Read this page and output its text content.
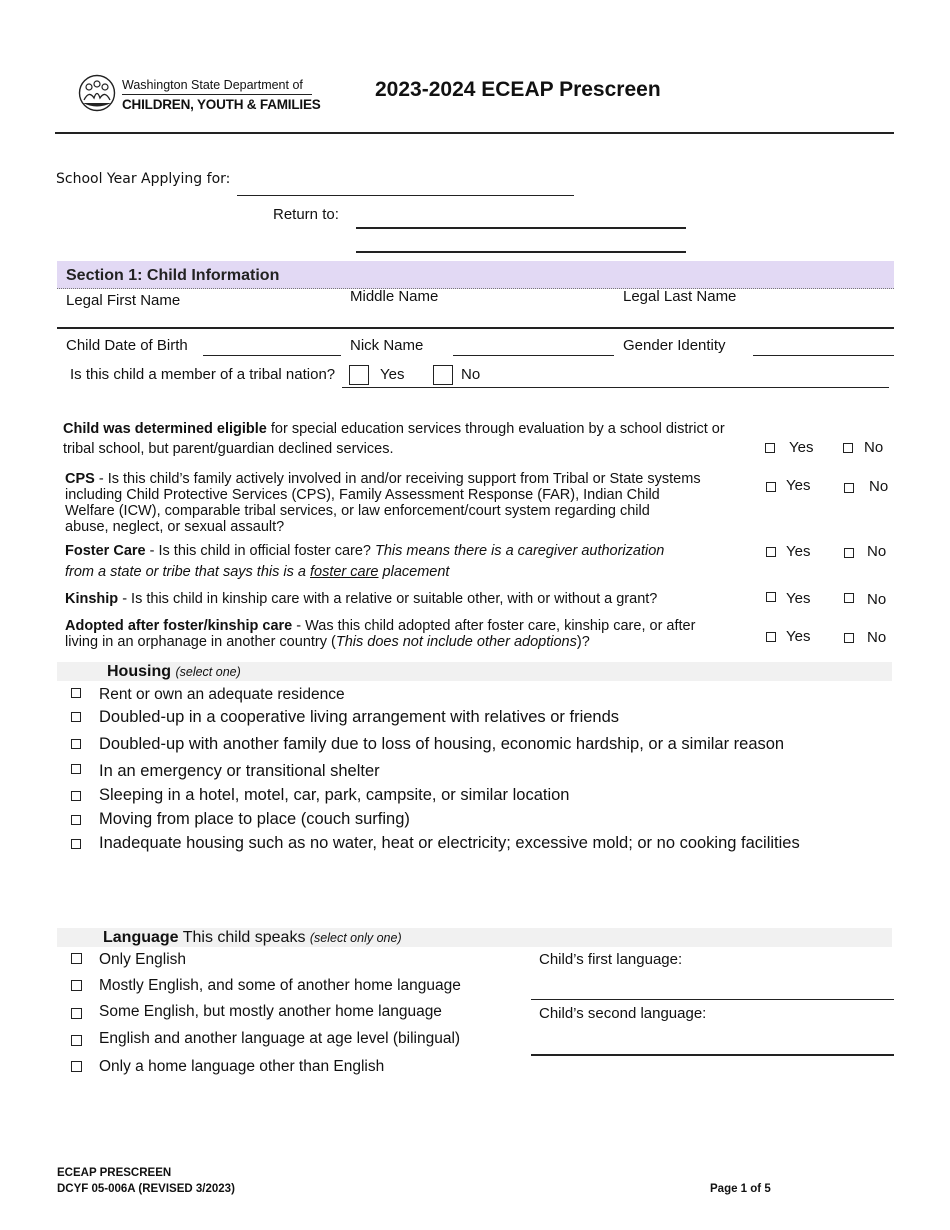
Washington State Department of
CHILDREN, YOUTH & FAMILIES
2023-2024 ECEAP Prescreen
School Year Applying for:
Return to:
Section 1: Child Information
Legal First Name	Middle Name	Legal Last Name
Child Date of Birth	Nick Name	Gender Identity
Is this child a member of a tribal nation?	Yes	No
Child was determined eligible for special education services through evaluation by a school district or
tribal school, but parent/guardian declined services.	Yes	No
CPS - Is this child’s family actively involved in and/or receiving support from Tribal or State systems
including Child Protective Services (CPS), Family Assessment Response (FAR), Indian Child
Welfare (ICW), comparable tribal services, or law enforcement/court system regarding child
abuse, neglect, or sexual assault?
Yes	No
Foster Care - Is this child in official foster care? This means there is a caregiver authorization
from a state or tribe that says this is a foster care placement
Yes	No
Kinship - Is this child in kinship care with a relative or suitable other, with or without a grant?	Yes	No
Adopted after foster/kinship care - Was this child adopted after foster care, kinship care, or after
living in an orphanage in another country (This does not include other adoptions)?	Yes	No
Housing (select one)
Rent or own an adequate residence
Doubled-up in a cooperative living arrangement with relatives or friends
Doubled-up with another family due to loss of housing, economic hardship, or a similar reason
In an emergency or transitional shelter
Sleeping in a hotel, motel, car, park, campsite, or similar location
Moving from place to place (couch surfing)
Inadequate housing such as no water, heat or electricity; excessive mold; or no cooking facilities
Language This child speaks (select only one)
Only English
Mostly English, and some of another home language
Some English, but mostly another home language
English and another language at age level (bilingual)
Only a home language other than English
Child’s first language:
Child’s second language:
ECEAP PRESCREEN
DCYF 05-006A (REVISED 3/2023)	Page 1 of 5
